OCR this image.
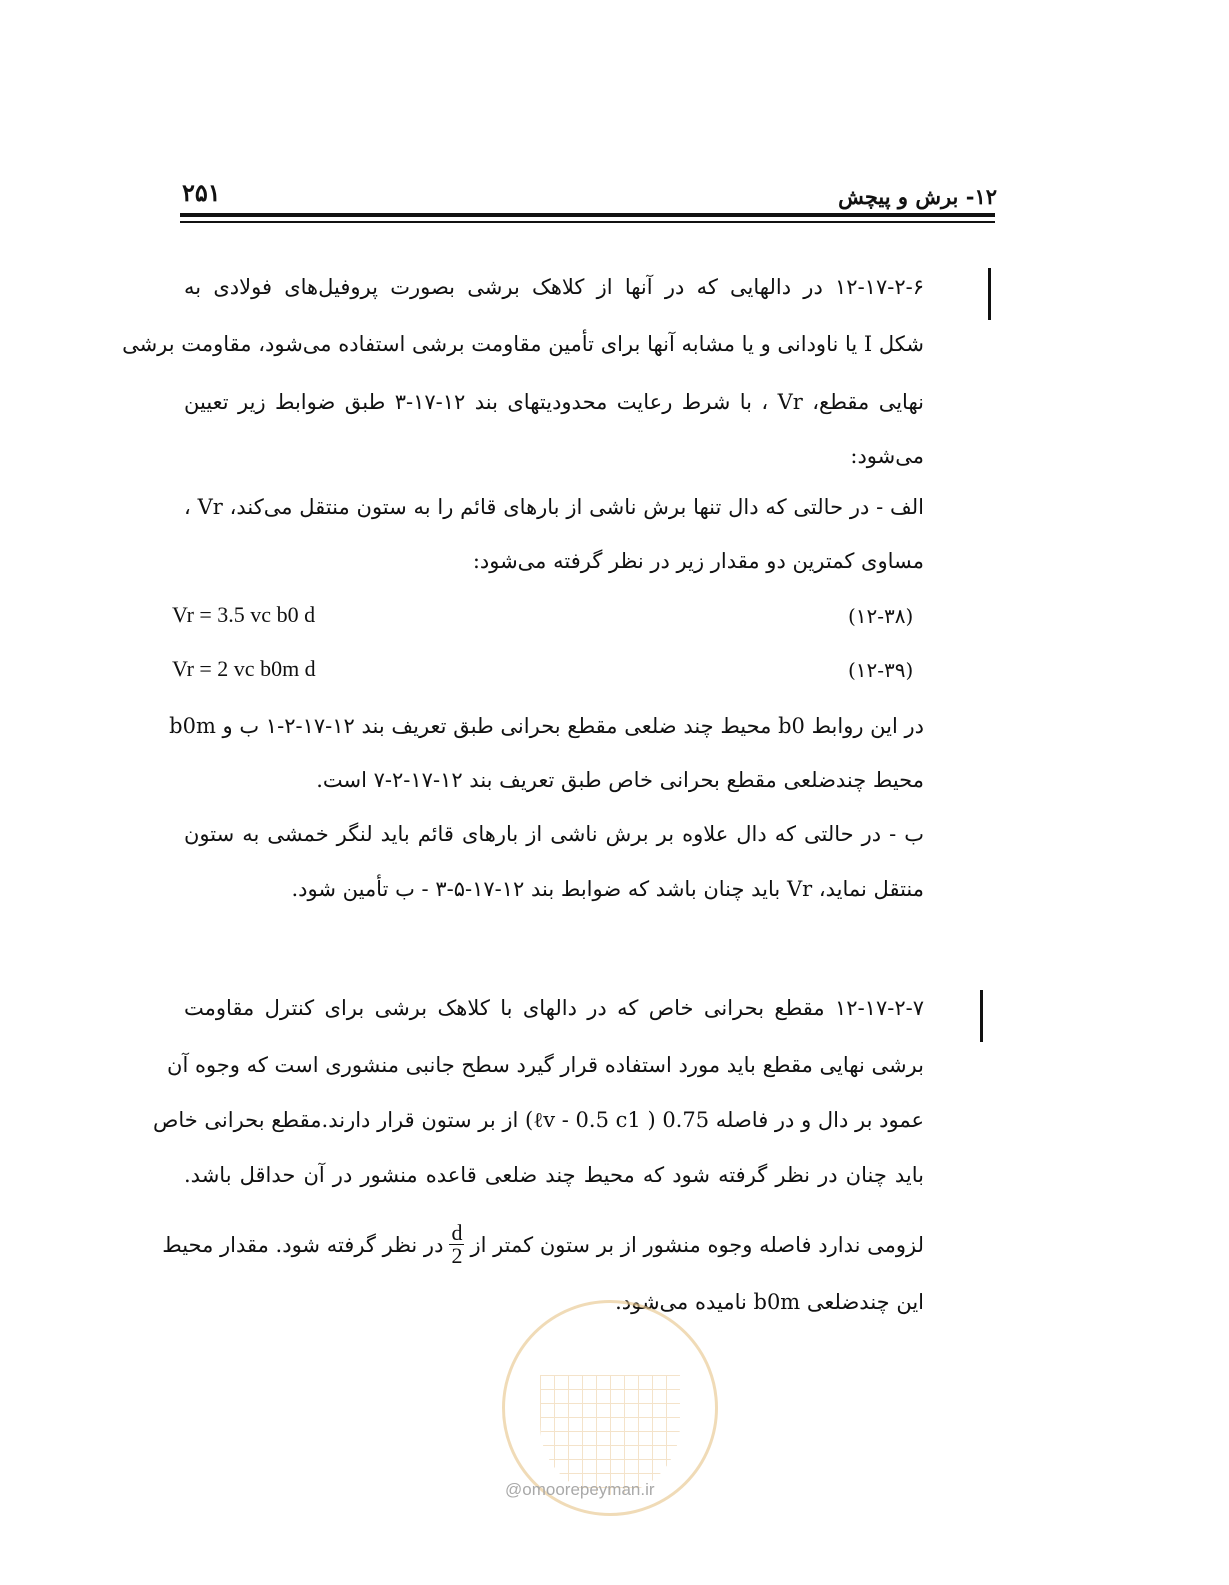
۲۵۱	۱۲- برش و پیچش
۱۲-۱۷-۲-۶ در دالهایی که در آنها از کلاهک برشی بصورت پروفیل‌های فولادی به
شکل I یا ناودانی و یا مشابه آنها برای تأمین مقاومت برشی استفاده می‌شود، مقاومت برشی
نهایی مقطع، Vr ، با شرط رعایت محدودیتهای بند ۱۲-۱۷-۳ طبق ضوابط زیر تعیین
می‌شود:
الف - در حالتی که دال تنها برش ناشی از بارهای قائم را به ستون منتقل می‌کند، Vr ،
مساوی کمترین دو مقدار زیر در نظر گرفته می‌شود:
Vr = 3.5 vc b0 d	(۱۲-۳۸)
Vr = 2 vc b0m d	(۱۲-۳۹)
در این روابط b0 محیط چند ضلعی مقطع بحرانی طبق تعریف بند ۱۲-۱۷-۲-۱ ب و b0m
محیط چندضلعی مقطع بحرانی خاص طبق تعریف بند ۱۲-۱۷-۲-۷ است.
ب - در حالتی که دال علاوه بر برش ناشی از بارهای قائم باید لنگر خمشی به ستون
منتقل نماید، Vr باید چنان باشد که ضوابط بند ۱۲-۱۷-۵-۳ - ب تأمین شود.
۱۲-۱۷-۲-۷ مقطع بحرانی خاص که در دالهای با کلاهک برشی برای کنترل مقاومت
برشی نهایی مقطع باید مورد استفاده قرار گیرد سطح جانبی منشوری است که وجوه آن
عمود بر دال و در فاصله 0.75 ( ℓv - 0.5 c1) از بر ستون قرار دارند.مقطع بحرانی خاص
باید چنان در نظر گرفته شود که محیط چند ضلعی قاعده منشور در آن حداقل باشد.
لزومی ندارد فاصله وجوه منشور از بر ستون کمتر از
$\frac{d}{2}$
در نظر گرفته شود. مقدار محیط
این چندضلعی b0m نامیده می‌شود.
@omoorepeyman.ir
